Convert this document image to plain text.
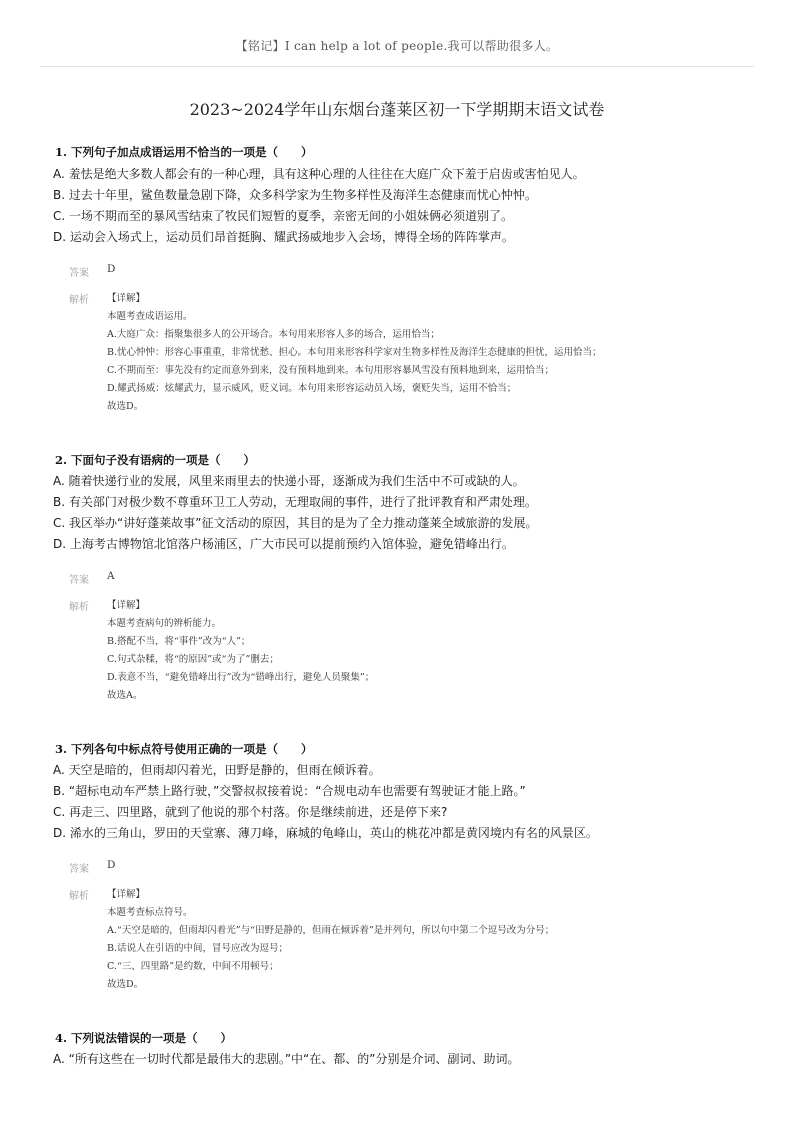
【铭记】I can help a lot of people.我可以帮助很多人。
2023~2024学年山东烟台蓬莱区初一下学期期末语文试卷
1. 下列句子加点成语运用不恰当的一项是（　　）
A. 羞怯是绝大多数人都会有的一种心理，具有这种心理的人往往在大庭广众下羞于启齿或害怕见人。
B. 过去十年里，鲨鱼数量急剧下降，众多科学家为生物多样性及海洋生态健康而忧心忡忡。
C. 一场不期而至的暴风雪结束了牧民们短暂的夏季，亲密无间的小姐妹俩必须道别了。
D. 运动会入场式上，运动员们昂首挺胸、耀武扬威地步入会场，博得全场的阵阵掌声。
答案 D
解析 【详解】
本题考查成语运用。
A.大庭广众：指聚集很多人的公开场合。本句用来形容人多的场合，运用恰当；
B.忧心忡忡：形容心事重重，非常忧愁、担心。本句用来形容科学家对生物多样性及海洋生态健康的担忧，运用恰当；
C.不期而至：事先没有约定而意外到来，没有预料地到来。本句用形容暴风雪没有预料地到来，运用恰当；
D.耀武扬威：炫耀武力，显示威风，贬义词。本句用来形容运动员入场，褒贬失当，运用不恰当；
故选D。
2. 下面句子没有语病的一项是（　　）
A. 随着快递行业的发展，风里来雨里去的快递小哥，逐渐成为我们生活中不可或缺的人。
B. 有关部门对极少数不尊重环卫工人劳动，无理取闹的事件，进行了批评教育和严肃处理。
C. 我区举办“讲好蓬莱故事”征文活动的原因，其目的是为了全力推动蓬莱全域旅游的发展。
D. 上海考古博物馆北馆落户杨浦区，广大市民可以提前预约入馆体验，避免错峰出行。
答案 A
解析 【详解】
本题考查病句的辨析能力。
B.搭配不当，将“事件”改为“人”；
C.句式杂糅，将“的原因”或“为了”删去；
D.表意不当，“避免错峰出行”改为“错峰出行，避免人员聚集”；
故选A。
3. 下列各句中标点符号使用正确的一项是（　　）
A. 天空是暗的，但雨却闪着光，田野是静的，但雨在倾诉着。
B. “超标电动车严禁上路行驶，”交警叔叔接着说：“合规电动车也需要有驾驶证才能上路。”
C. 再走三、四里路，就到了他说的那个村落。你是继续前进，还是停下来?
D. 浠水的三角山，罗田的天堂寨、薄刀峰，麻城的龟峰山，英山的桃花冲都是黄冈境内有名的风景区。
答案 D
解析 【详解】
本题考查标点符号。
A.“天空是暗的，但雨却闪着光”与“田野是静的，但雨在倾诉着”是并列句，所以句中第二个逗号改为分号；
B.话说人在引语的中间，冒号应改为逗号；
C.“三、四里路”是约数，中间不用顿号；
故选D。
4. 下列说法错误的一项是（　　）
A. “所有这些在一切时代都是最伟大的悲剧。”中“在、都、的”分别是介词、副词、助词。
